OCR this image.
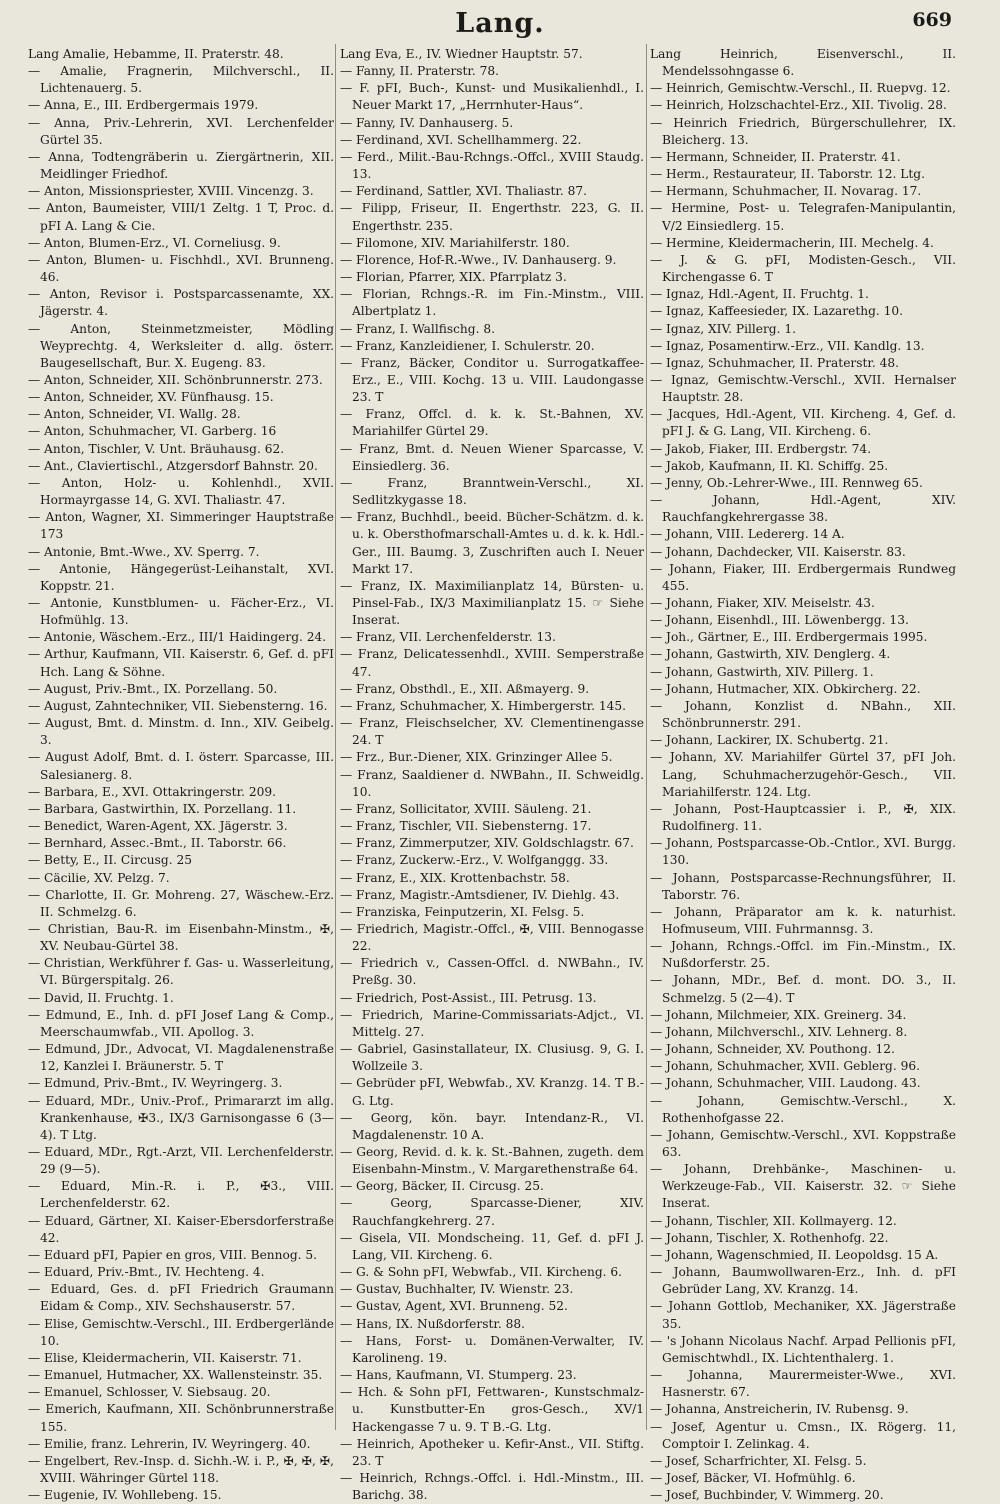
Lang.	669
Lang Amalie, Hebamme, II. Praterstr. 48.
— Amalie, Fragnerin, Milchverschl., II. Lichtenauerg. 5.
— Anna, E., III. Erdbergermais 1979.
— Anna, Priv.-Lehrerin, XVI. Lerchenfelder Gürtel 35.
— Anna, Todtengräberin u. Ziergärtnerin, XII. Meidlinger Friedhof.
— Anton, Missionspriester, XVIII. Vincenzg. 3.
— Anton, Baumeister, VIII/1 Zeltg. 1 T, Proc. d. pFI A. Lang & Cie.
— Anton, Blumen-Erz., VI. Corneliusg. 9.
— Anton, Blumen- u. Fischhdl., XVI. Brunneng. 46.
— Anton, Revisor i. Postsparcassenamte, XX. Jägerstr. 4.
— Anton, Steinmetzmeister, Mödling Weyprechtg. 4, Werksleiter d. allg. österr. Baugesellschaft, Bur. X. Eugeng. 83.
— Anton, Schneider, XII. Schönbrunnerstr. 273.
— Anton, Schneider, XV. Fünfhausg. 15.
— Anton, Schneider, VI. Wallg. 28.
— Anton, Schuhmacher, VI. Garberg. 16
— Anton, Tischler, V. Unt. Bräuhausg. 62.
— Ant., Claviertischl., Atzgersdorf Bahnstr. 20.
— Anton, Holz- u. Kohlenhdl., XVII. Hormayrgasse 14, G. XVI. Thaliastr. 47.
— Anton, Wagner, XI. Simmeringer Hauptstraße 173
— Antonie, Bmt.-Wwe., XV. Sperrg. 7.
— Antonie, Hängegerüst-Leihanstalt, XVI. Koppstr. 21.
— Antonie, Kunstblumen- u. Fächer-Erz., VI. Hofmühlg. 13.
— Antonie, Wäschem.-Erz., III/1 Haidingerg. 24.
— Arthur, Kaufmann, VII. Kaiserstr. 6, Gef. d. pFI Hch. Lang & Söhne.
— August, Priv.-Bmt., IX. Porzellang. 50.
— August, Zahntechniker, VII. Siebensterng. 16.
— August, Bmt. d. Minstm. d. Inn., XIV. Geibelg. 3.
— August Adolf, Bmt. d. I. österr. Sparcasse, III. Salesianerg. 8.
— Barbara, E., XVI. Ottakringerstr. 209.
— Barbara, Gastwirthin, IX. Porzellang. 11.
— Benedict, Waren-Agent, XX. Jägerstr. 3.
— Bernhard, Assec.-Bmt., II. Taborstr. 66.
— Betty, E., II. Circusg. 25
— Cäcilie, XV. Pelzg. 7.
— Charlotte, II. Gr. Mohreng. 27, Wäschew.-Erz. II. Schmelzg. 6.
— Christian, Bau-R. im Eisenbahn-Minstm., ✠, XV. Neubau-Gürtel 38.
— Christian, Werkführer f. Gas- u. Wasserleitung, VI. Bürgerspitalg. 26.
— David, II. Fruchtg. 1.
— Edmund, E., Inh. d. pFI Josef Lang & Comp., Meerschaumwfab., VII. Apollog. 3.
— Edmund, JDr., Advocat, VI. Magdalenenstraße 12, Kanzlei I. Bräunerstr. 5. T
— Edmund, Priv.-Bmt., IV. Weyringerg. 3.
— Eduard, MDr., Univ.-Prof., Primararzt im allg. Krankenhause, ✠3., IX/3 Garnisongasse 6 (3—4). T Ltg.
— Eduard, MDr., Rgt.-Arzt, VII. Lerchenfelderstr. 29 (9—5).
— Eduard, Min.-R. i. P., ✠3., VIII. Lerchenfelderstr. 62.
— Eduard, Gärtner, XI. Kaiser-Ebersdorferstraße 42.
— Eduard pFI, Papier en gros, VIII. Bennog. 5.
— Eduard, Priv.-Bmt., IV. Hechteng. 4.
— Eduard, Ges. d. pFI Friedrich Graumann Eidam & Comp., XIV. Sechshauserstr. 57.
— Elise, Gemischtw.-Verschl., III. Erdbergerlände 10.
— Elise, Kleidermacherin, VII. Kaiserstr. 71.
— Emanuel, Hutmacher, XX. Wallensteinstr. 35.
— Emanuel, Schlosser, V. Siebsaug. 20.
— Emerich, Kaufmann, XII. Schönbrunnerstraße 155.
— Emilie, franz. Lehrerin, IV. Weyringerg. 40.
— Engelbert, Rev.-Insp. d. Sichh.-W. i. P., ✠, ✠, ✠, XVIII. Währinger Gürtel 118.
— Eugenie, IV. Wohllebeng. 15.
Lang Eva, E., IV. Wiedner Hauptstr. 57.
— Fanny, II. Praterstr. 78.
— F. pFI, Buch-, Kunst- und Musikalienhdl., I. Neuer Markt 17, „Herrnhuter-Haus“.
— Fanny, IV. Danhauserg. 5.
— Ferdinand, XVI. Schellhammerg. 22.
— Ferd., Milit.-Bau-Rchngs.-Offcl., XVIII Staudg. 13.
— Ferdinand, Sattler, XVI. Thaliastr. 87.
— Filipp, Friseur, II. Engerthstr. 223, G. II. Engerthstr. 235.
— Filomone, XIV. Mariahilferstr. 180.
— Florence, Hof-R.-Wwe., IV. Danhauserg. 9.
— Florian, Pfarrer, XIX. Pfarrplatz 3.
— Florian, Rchngs.-R. im Fin.-Minstm., VIII. Albertplatz 1.
— Franz, I. Wallfischg. 8.
— Franz, Kanzleidiener, I. Schulerstr. 20.
— Franz, Bäcker, Conditor u. Surrogatkaffee-Erz., E., VIII. Kochg. 13 u. VIII. Laudongasse 23. T
— Franz, Offcl. d. k. k. St.-Bahnen, XV. Mariahilfer Gürtel 29.
— Franz, Bmt. d. Neuen Wiener Sparcasse, V. Einsiedlerg. 36.
— Franz, Branntwein-Verschl., XI. Sedlitzkygasse 18.
— Franz, Buchhdl., beeid. Bücher-Schätzm. d. k. u. k. Obersthofmarschall-Amtes u. d. k. k. Hdl.-Ger., III. Baumg. 3, Zuschriften auch I. Neuer Markt 17.
— Franz, IX. Maximilianplatz 14, Bürsten- u. Pinsel-Fab., IX/3 Maximilianplatz 15. ☞ Siehe Inserat.
— Franz, VII. Lerchenfelderstr. 13.
— Franz, Delicatessenhdl., XVIII. Semperstraße 47.
— Franz, Obsthdl., E., XII. Aßmayerg. 9.
— Franz, Schuhmacher, X. Himbergerstr. 145.
— Franz, Fleischselcher, XV. Clementinengasse 24. T
— Frz., Bur.-Diener, XIX. Grinzinger Allee 5.
— Franz, Saaldiener d. NWBahn., II. Schweidlg. 10.
— Franz, Sollicitator, XVIII. Säuleng. 21.
— Franz, Tischler, VII. Siebensterng. 17.
— Franz, Zimmerputzer, XIV. Goldschlagstr. 67.
— Franz, Zuckerw.-Erz., V. Wolfganggg. 33.
— Franz, E., XIX. Krottenbachstr. 58.
— Franz, Magistr.-Amtsdiener, IV. Diehlg. 43.
— Franziska, Feinputzerin, XI. Felsg. 5.
— Friedrich, Magistr.-Offcl., ✠, VIII. Bennogasse 22.
— Friedrich v., Cassen-Offcl. d. NWBahn., IV. Preßg. 30.
— Friedrich, Post-Assist., III. Petrusg. 13.
— Friedrich, Marine-Commissariats-Adjct., VI. Mittelg. 27.
— Gabriel, Gasinstallateur, IX. Clusiusg. 9, G. I. Wollzeile 3.
— Gebrüder pFI, Webwfab., XV. Kranzg. 14. T B.-G. Ltg.
— Georg, kön. bayr. Intendanz-R., VI. Magdalenenstr. 10 A.
— Georg, Revid. d. k. k. St.-Bahnen, zugeth. dem Eisenbahn-Minstm., V. Margarethenstraße 64.
— Georg, Bäcker, II. Circusg. 25.
— Georg, Sparcasse-Diener, XIV. Rauchfangkehrerg. 27.
— Gisela, VII. Mondscheing. 11, Gef. d. pFI J. Lang, VII. Kircheng. 6.
— G. & Sohn pFI, Webwfab., VII. Kircheng. 6.
— Gustav, Buchhalter, IV. Wienstr. 23.
— Gustav, Agent, XVI. Brunneng. 52.
— Hans, IX. Nußdorferstr. 88.
— Hans, Forst- u. Domänen-Verwalter, IV. Karolineng. 19.
— Hans, Kaufmann, VI. Stumperg. 23.
— Hch. & Sohn pFI, Fettwaren-, Kunstschmalz- u. Kunstbutter-En gros-Gesch., XV/1 Hackengasse 7 u. 9. T B.-G. Ltg.
— Heinrich, Apotheker u. Kefir-Anst., VII. Stiftg. 23. T
— Heinrich, Rchngs.-Offcl. i. Hdl.-Minstm., III. Barichg. 38.
Lang Heinrich, Eisenverschl., II. Mendelssohngasse 6.
— Heinrich, Gemischtw.-Verschl., II. Ruepvg. 12.
— Heinrich, Holzschachtel-Erz., XII. Tivolig. 28.
— Heinrich Friedrich, Bürgerschullehrer, IX. Bleicherg. 13.
— Hermann, Schneider, II. Praterstr. 41.
— Herm., Restaurateur, II. Taborstr. 12. Ltg.
— Hermann, Schuhmacher, II. Novarag. 17.
— Hermine, Post- u. Telegrafen-Manipulantin, V/2 Einsiedlerg. 15.
— Hermine, Kleidermacherin, III. Mechelg. 4.
— J. & G. pFI, Modisten-Gesch., VII. Kirchengasse 6. T
— Ignaz, Hdl.-Agent, II. Fruchtg. 1.
— Ignaz, Kaffeesieder, IX. Lazarethg. 10.
— Ignaz, XIV. Pillerg. 1.
— Ignaz, Posamentirw.-Erz., VII. Kandlg. 13.
— Ignaz, Schuhmacher, II. Praterstr. 48.
— Ignaz, Gemischtw.-Verschl., XVII. Hernalser Hauptstr. 28.
— Jacques, Hdl.-Agent, VII. Kircheng. 4, Gef. d. pFI J. & G. Lang, VII. Kircheng. 6.
— Jakob, Fiaker, III. Erdbergstr. 74.
— Jakob, Kaufmann, II. Kl. Schiffg. 25.
— Jenny, Ob.-Lehrer-Wwe., III. Rennweg 65.
— Johann, Hdl.-Agent, XIV. Rauchfangkehrergasse 38.
— Johann, VIII. Ledererg. 14 A.
— Johann, Dachdecker, VII. Kaiserstr. 83.
— Johann, Fiaker, III. Erdbergermais Rundweg 455.
— Johann, Fiaker, XIV. Meiselstr. 43.
— Johann, Eisenhdl., III. Löwenbergg. 13.
— Joh., Gärtner, E., III. Erdbergermais 1995.
— Johann, Gastwirth, XIV. Denglerg. 4.
— Johann, Gastwirth, XIV. Pillerg. 1.
— Johann, Hutmacher, XIX. Obkircherg. 22.
— Johann, Konzlist d. NBahn., XII. Schönbrunnerstr. 291.
— Johann, Lackirer, IX. Schubertg. 21.
— Johann, XV. Mariahilfer Gürtel 37, pFI Joh. Lang, Schuhmacherzugehör-Gesch., VII. Mariahilferstr. 124. Ltg.
— Johann, Post-Hauptcassier i. P., ✠, XIX. Rudolfinerg. 11.
— Johann, Postsparcasse-Ob.-Cntlor., XVI. Burgg. 130.
— Johann, Postsparcasse-Rechnungsführer, II. Taborstr. 76.
— Johann, Präparator am k. k. naturhist. Hofmuseum, VIII. Fuhrmannsg. 3.
— Johann, Rchngs.-Offcl. im Fin.-Minstm., IX. Nußdorferstr. 25.
— Johann, MDr., Bef. d. mont. DO. 3., II. Schmelzg. 5 (2—4). T
— Johann, Milchmeier, XIX. Greinerg. 34.
— Johann, Milchverschl., XIV. Lehnerg. 8.
— Johann, Schneider, XV. Pouthong. 12.
— Johann, Schuhmacher, XVII. Geblerg. 96.
— Johann, Schuhmacher, VIII. Laudong. 43.
— Johann, Gemischtw.-Verschl., X. Rothenhofgasse 22.
— Johann, Gemischtw.-Verschl., XVI. Koppstraße 63.
— Johann, Drehbänke-, Maschinen- u. Werkzeuge-Fab., VII. Kaiserstr. 32. ☞ Siehe Inserat.
— Johann, Tischler, XII. Kollmayerg. 12.
— Johann, Tischler, X. Rothenhofg. 22.
— Johann, Wagenschmied, II. Leopoldsg. 15 A.
— Johann, Baumwollwaren-Erz., Inh. d. pFI Gebrüder Lang, XV. Kranzg. 14.
— Johann Gottlob, Mechaniker, XX. Jägerstraße 35.
— 's Johann Nicolaus Nachf. Arpad Pellionis pFI, Gemischtwhdl., IX. Lichtenthalerg. 1.
— Johanna, Maurermeister-Wwe., XVI. Hasnerstr. 67.
— Johanna, Anstreicherin, IV. Rubensg. 9.
— Josef, Agentur u. Cmsn., IX. Rögerg. 11, Comptoir I. Zelinkag. 4.
— Josef, Scharfrichter, XI. Felsg. 5.
— Josef, Bäcker, VI. Hofmühlg. 6.
— Josef, Buchbinder, V. Wimmerg. 20.
